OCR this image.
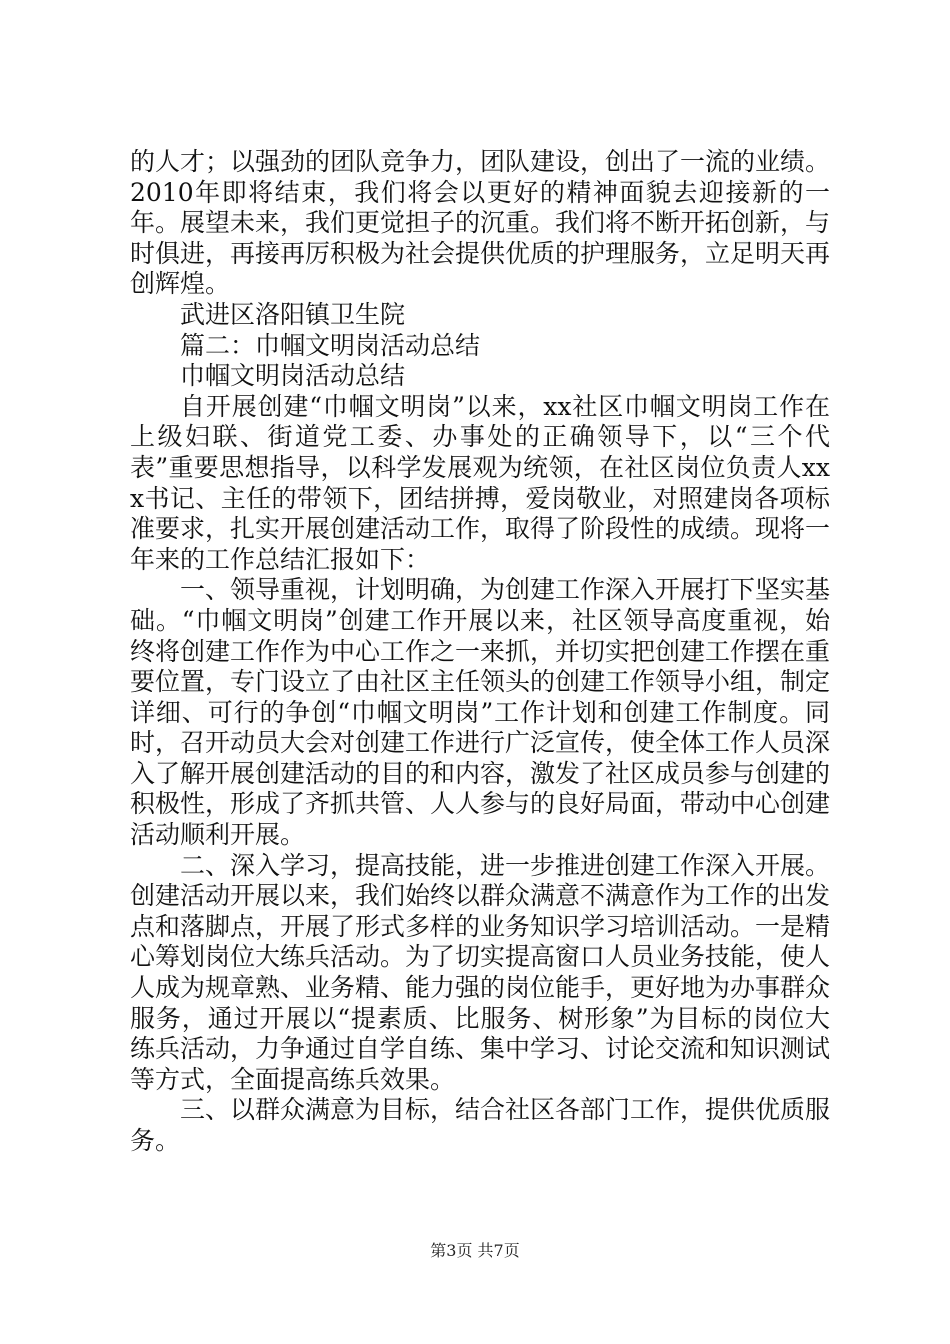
的人才；以强劲的团队竞争力，团队建设，创出了一流的业绩。2010年即将结束，我们将会以更好的精神面貌去迎接新的一年。展望未来，我们更觉担子的沉重。我们将不断开拓创新，与时俱进，再接再厉积极为社会提供优质的护理服务，立足明天再创辉煌。

武进区洛阳镇卫生院

篇二：巾帼文明岗活动总结

巾帼文明岗活动总结

自开展创建“巾帼文明岗”以来，xx社区巾帼文明岗工作在上级妇联、街道党工委、办事处的正确领导下，以“三个代表”重要思想指导，以科学发展观为统领，在社区岗位负责人xxx书记、主任的带领下，团结拼搏，爱岗敬业，对照建岗各项标准要求，扎实开展创建活动工作，取得了阶段性的成绩。现将一年来的工作总结汇报如下：

一、领导重视，计划明确，为创建工作深入开展打下坚实基础。“巾帼文明岗”创建工作开展以来，社区领导高度重视，始终将创建工作作为中心工作之一来抓，并切实把创建工作摆在重要位置，专门设立了由社区主任领头的创建工作领导小组，制定详细、可行的争创“巾帼文明岗”工作计划和创建工作制度。同时，召开动员大会对创建工作进行广泛宣传，使全体工作人员深入了解开展创建活动的目的和内容，激发了社区成员参与创建的积极性，形成了齐抓共管、人人参与的良好局面，带动中心创建活动顺利开展。

二、深入学习，提高技能，进一步推进创建工作深入开展。创建活动开展以来，我们始终以群众满意不满意作为工作的出发点和落脚点，开展了形式多样的业务知识学习培训活动。一是精心筹划岗位大练兵活动。为了切实提高窗口人员业务技能，使人人成为规章熟、业务精、能力强的岗位能手，更好地为办事群众服务，通过开展以“提素质、比服务、树形象”为目标的岗位大练兵活动，力争通过自学自练、集中学习、讨论交流和知识测试等方式，全面提高练兵效果。

三、以群众满意为目标，结合社区各部门工作，提供优质服务。

第3页 共7页
